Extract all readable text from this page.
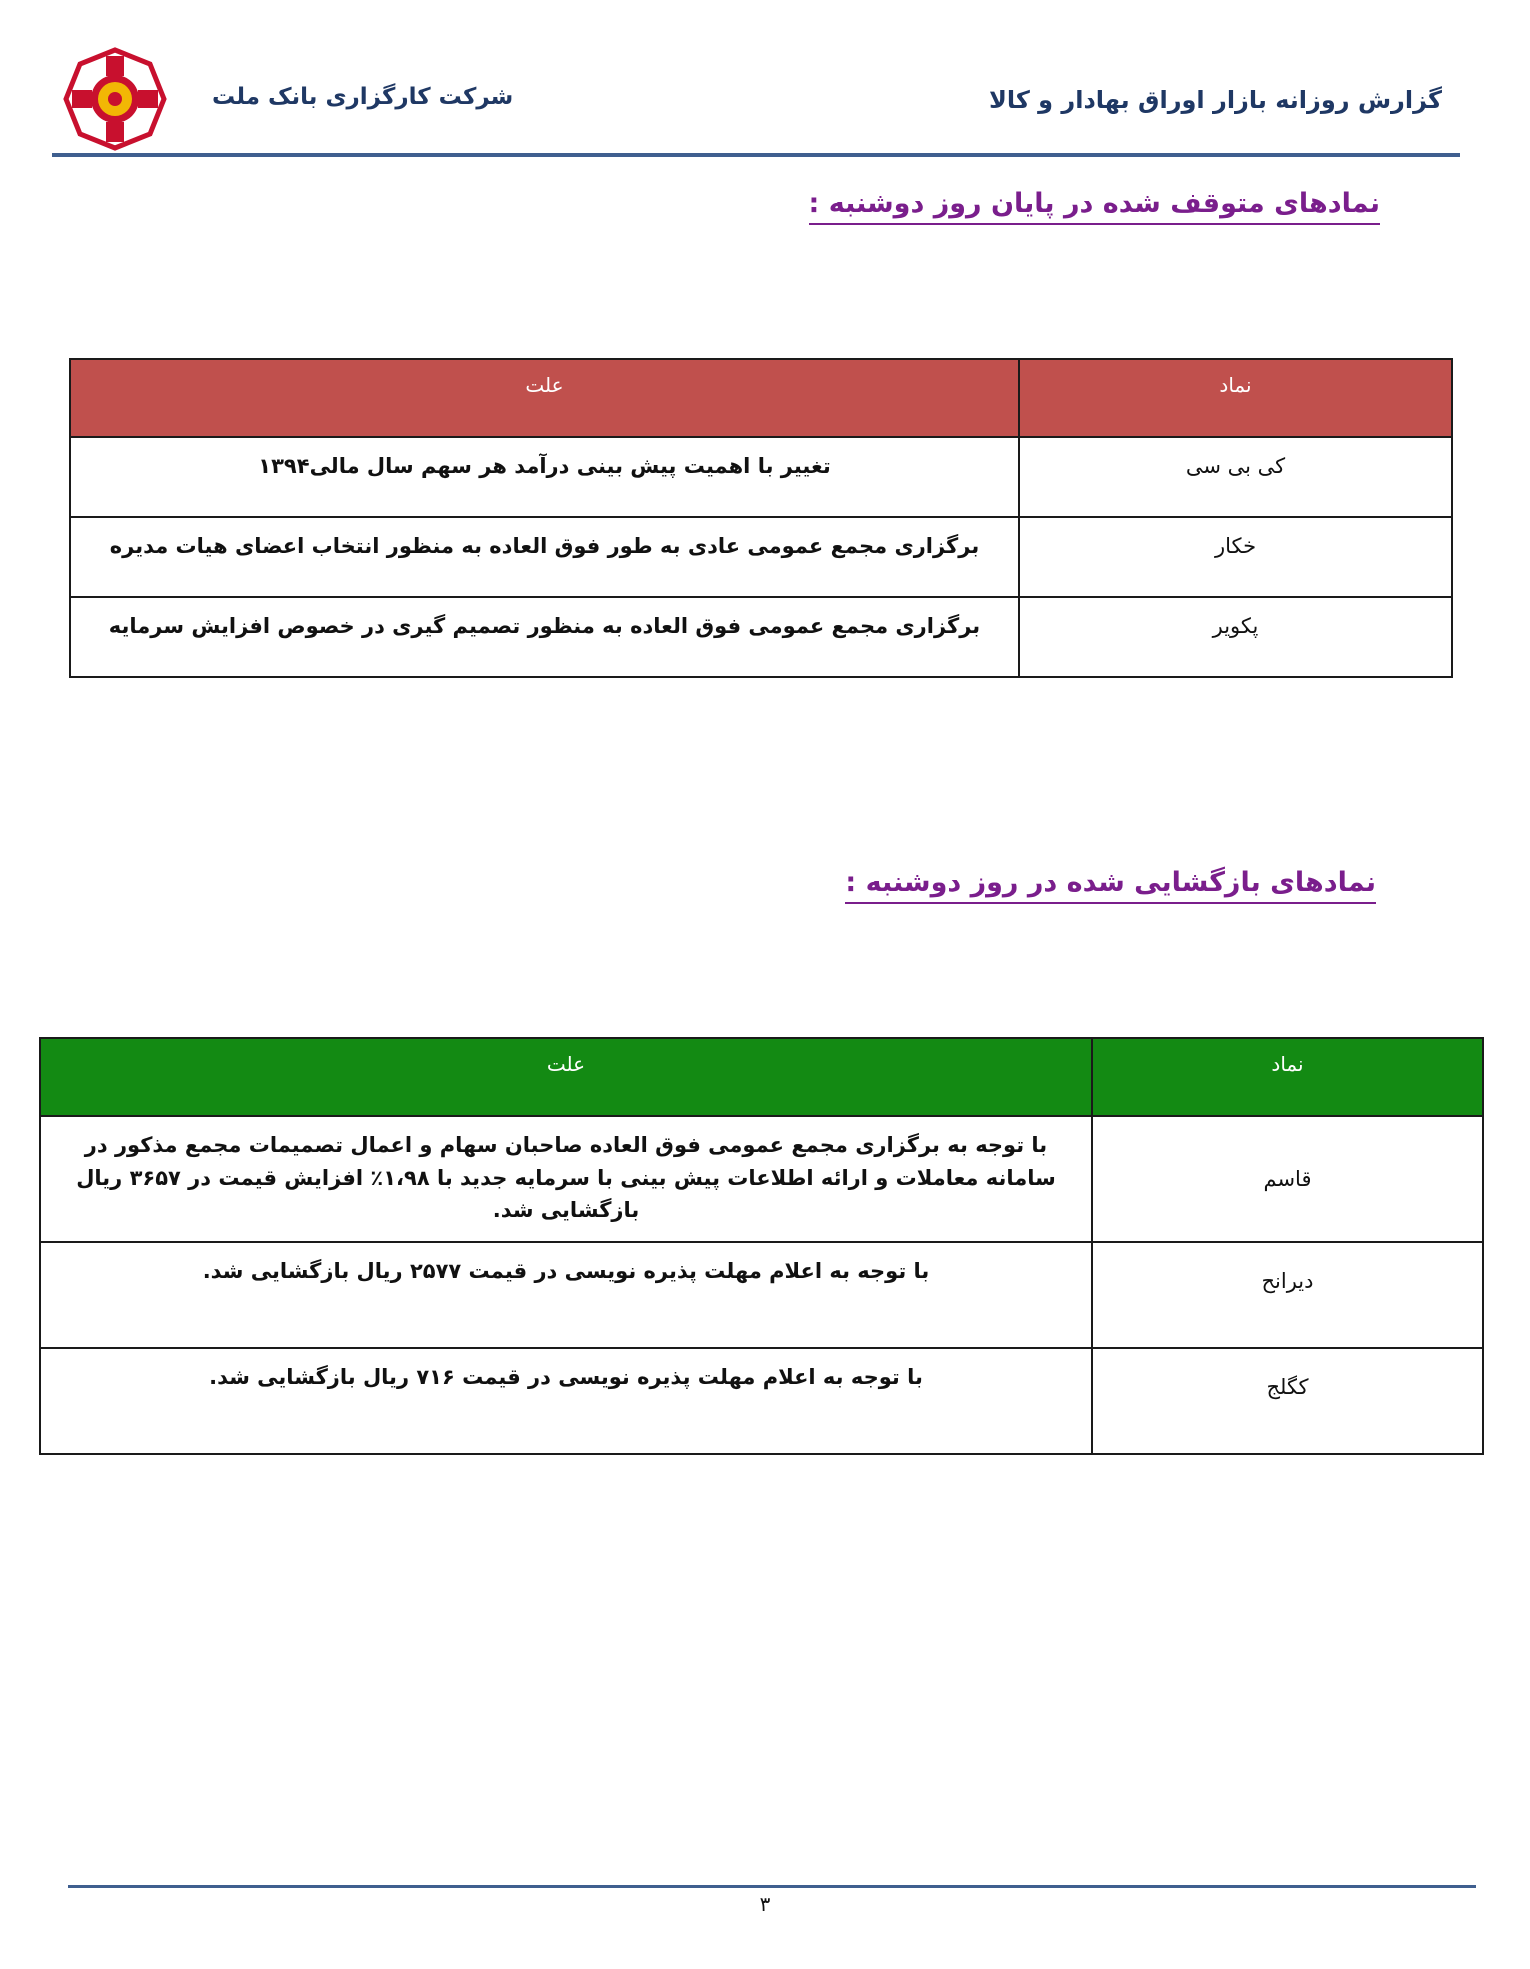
گزارش روزانه بازار اوراق بهادار و کالا
شرکت کارگزاری بانک ملت
نمادهای متوقف شده در پایان روز دوشنبه :
نماد	علت
کی بی سی	تغییر با اهمیت پیش بینی درآمد هر سهم سال مالی۱۳۹۴
خکار	برگزاری مجمع عمومی عادی به طور فوق العاده به منظور انتخاب اعضای هیات مدیره
پکویر	برگزاری مجمع عمومی فوق العاده به منظور تصمیم گیری در خصوص افزایش سرمایه
نمادهای بازگشایی شده در روز دوشنبه :
نماد	علت
قاسم	با توجه به برگزاری مجمع عمومی فوق العاده صاحبان سهام و اعمال تصمیمات مجمع مذکور در سامانه معاملات و ارائه اطلاعات پیش بینی با سرمایه جدید با ۱،۹۸٪ افزایش قیمت در ۳۶۵۷ ریال بازگشایی شد.
دیرانح	با توجه به اعلام مهلت پذیره نویسی در قیمت ۲۵۷۷ ریال بازگشایی شد.
کگلج	با توجه به اعلام مهلت پذیره نویسی در قیمت ۷۱۶ ریال بازگشایی شد.
۳
